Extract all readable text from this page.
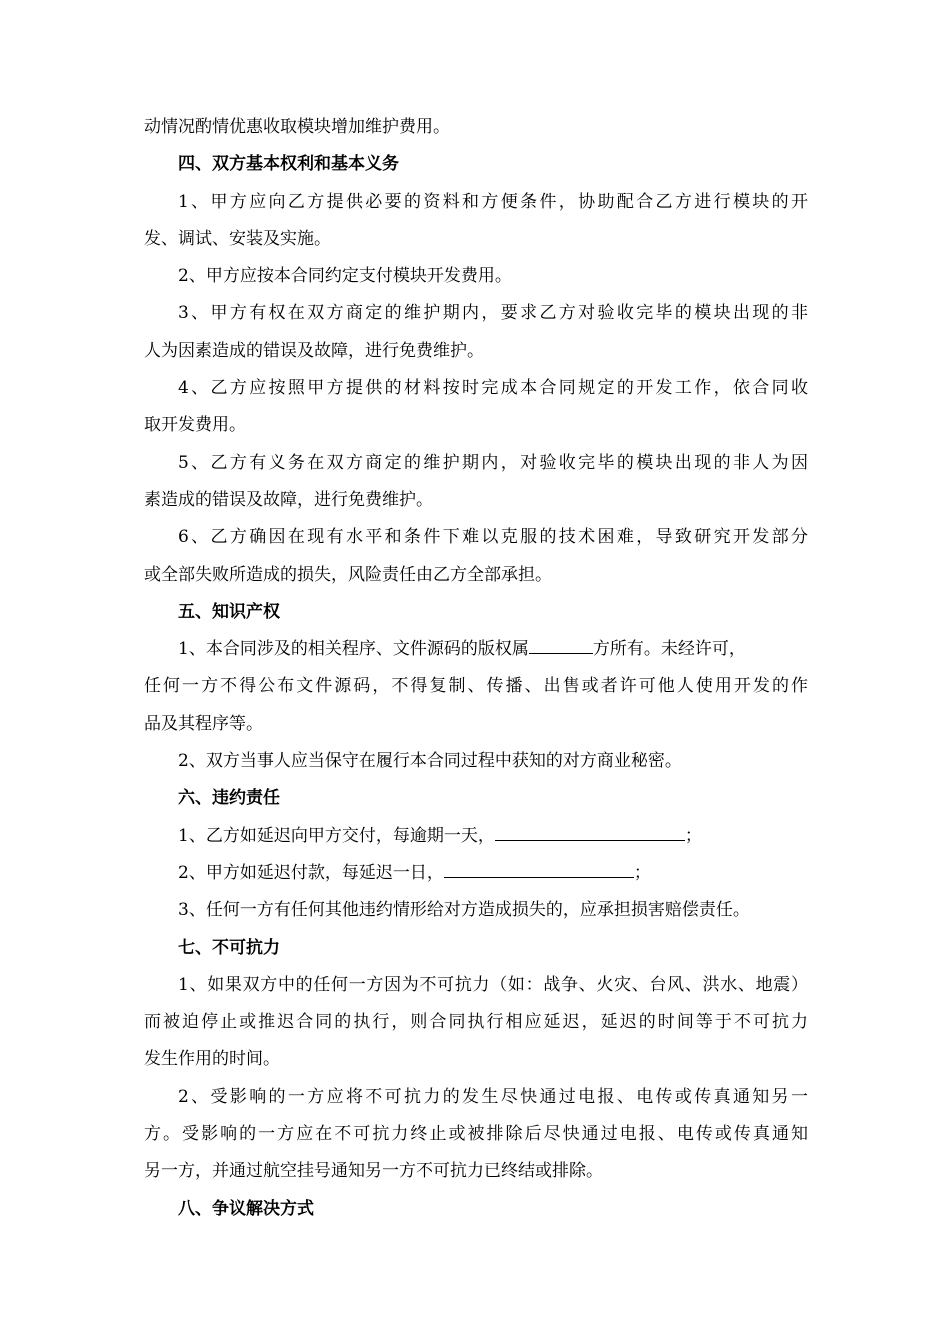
动情况酌情优惠收取模块增加维护费用。

四、双方基本权利和基本义务

1、甲方应向乙方提供必要的资料和方便条件，协助配合乙方进行模块的开

发、调试、安装及实施。

2、甲方应按本合同约定支付模块开发费用。

3、甲方有权在双方商定的维护期内，要求乙方对验收完毕的模块出现的非

人为因素造成的错误及故障，进行免费维护。

4、乙方应按照甲方提供的材料按时完成本合同规定的开发工作，依合同收

取开发费用。

5、乙方有义务在双方商定的维护期内，对验收完毕的模块出现的非人为因

素造成的错误及故障，进行免费维护。

6、乙方确因在现有水平和条件下难以克服的技术困难，导致研究开发部分

或全部失败所造成的损失，风险责任由乙方全部承担。

五、知识产权

1、本合同涉及的相关程序、文件源码的版权属	方所有。未经许可，

任何一方不得公布文件源码，不得复制、传播、出售或者许可他人使用开发的作

品及其程序等。

2、双方当事人应当保守在履行本合同过程中获知的对方商业秘密。

六、违约责任

1、乙方如延迟向甲方交付，每逾期一天，	；

2、甲方如延迟付款，每延迟一日，	；

3、任何一方有任何其他违约情形给对方造成损失的，应承担损害赔偿责任。

七、不可抗力

1、如果双方中的任何一方因为不可抗力（如：战争、火灾、台风、洪水、地震）

而被迫停止或推迟合同的执行，则合同执行相应延迟，延迟的时间等于不可抗力

发生作用的时间。

2、受影响的一方应将不可抗力的发生尽快通过电报、电传或传真通知另一

方。受影响的一方应在不可抗力终止或被排除后尽快通过电报、电传或传真通知

另一方，并通过航空挂号通知另一方不可抗力已终结或排除。

八、争议解决方式
